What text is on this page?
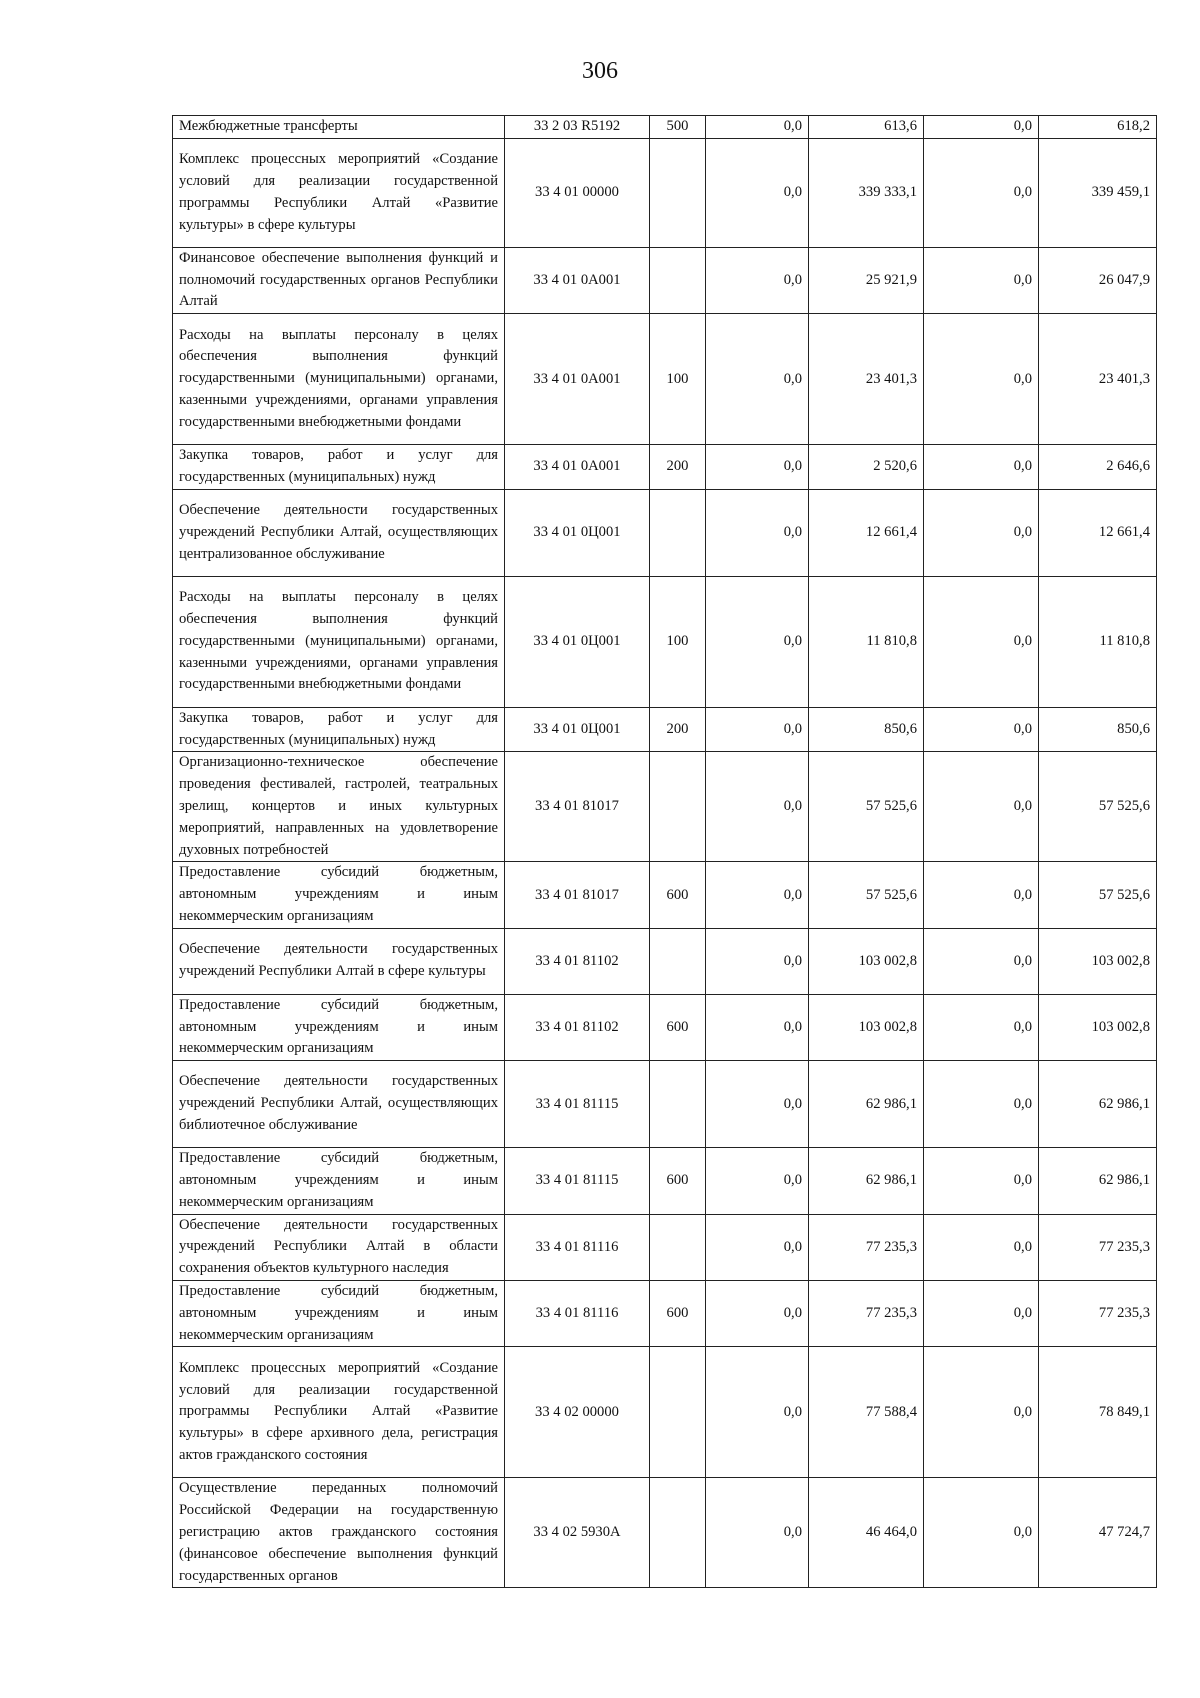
306
Межбюджетные трансферты	33 2 03 R5192	500	0,0	613,6	0,0	618,2
Комплекс процессных мероприятий «Создание условий для реализации государственной программы Республики Алтай «Развитие культуры» в сфере культуры	33 4 01 00000		0,0	339 333,1	0,0	339 459,1
Финансовое обеспечение выполнения функций и полномочий государственных органов Республики Алтай	33 4 01 0А001		0,0	25 921,9	0,0	26 047,9
Расходы на выплаты персоналу в целях обеспечения выполнения функций государственными (муниципальными) органами, казенными учреждениями, органами управления государственными внебюджетными фондами	33 4 01 0А001	100	0,0	23 401,3	0,0	23 401,3
Закупка товаров, работ и услуг для государственных (муниципальных) нужд	33 4 01 0А001	200	0,0	2 520,6	0,0	2 646,6
Обеспечение деятельности государственных учреждений Республики Алтай, осуществляющих централизованное обслуживание	33 4 01 0Ц001		0,0	12 661,4	0,0	12 661,4
Расходы на выплаты персоналу в целях обеспечения выполнения функций государственными (муниципальными) органами, казенными учреждениями, органами управления государственными внебюджетными фондами	33 4 01 0Ц001	100	0,0	11 810,8	0,0	11 810,8
Закупка товаров, работ и услуг для государственных (муниципальных) нужд	33 4 01 0Ц001	200	0,0	850,6	0,0	850,6
Организационно-техническое обеспечение проведения фестивалей, гастролей, театральных зрелищ, концертов и иных культурных мероприятий, направленных на удовлетворение духовных потребностей	33 4 01 81017		0,0	57 525,6	0,0	57 525,6
Предоставление субсидий бюджетным, автономным учреждениям и иным некоммерческим организациям	33 4 01 81017	600	0,0	57 525,6	0,0	57 525,6
Обеспечение деятельности государственных учреждений Республики Алтай в сфере культуры	33 4 01 81102		0,0	103 002,8	0,0	103 002,8
Предоставление субсидий бюджетным, автономным учреждениям и иным некоммерческим организациям	33 4 01 81102	600	0,0	103 002,8	0,0	103 002,8
Обеспечение деятельности государственных учреждений Республики Алтай, осуществляющих библиотечное обслуживание	33 4 01 81115		0,0	62 986,1	0,0	62 986,1
Предоставление субсидий бюджетным, автономным учреждениям и иным некоммерческим организациям	33 4 01 81115	600	0,0	62 986,1	0,0	62 986,1
Обеспечение деятельности государственных учреждений Республики Алтай в области сохранения объектов культурного наследия	33 4 01 81116		0,0	77 235,3	0,0	77 235,3
Предоставление субсидий бюджетным, автономным учреждениям и иным некоммерческим организациям	33 4 01 81116	600	0,0	77 235,3	0,0	77 235,3
Комплекс процессных мероприятий «Создание условий для реализации государственной программы Республики Алтай «Развитие культуры» в сфере архивного дела, регистрация актов гражданского состояния	33 4 02 00000		0,0	77 588,4	0,0	78 849,1
Осуществление переданных полномочий Российской Федерации на государственную регистрацию актов гражданского состояния (финансовое обеспечение выполнения функций государственных органов	33 4 02 5930А		0,0	46 464,0	0,0	47 724,7
